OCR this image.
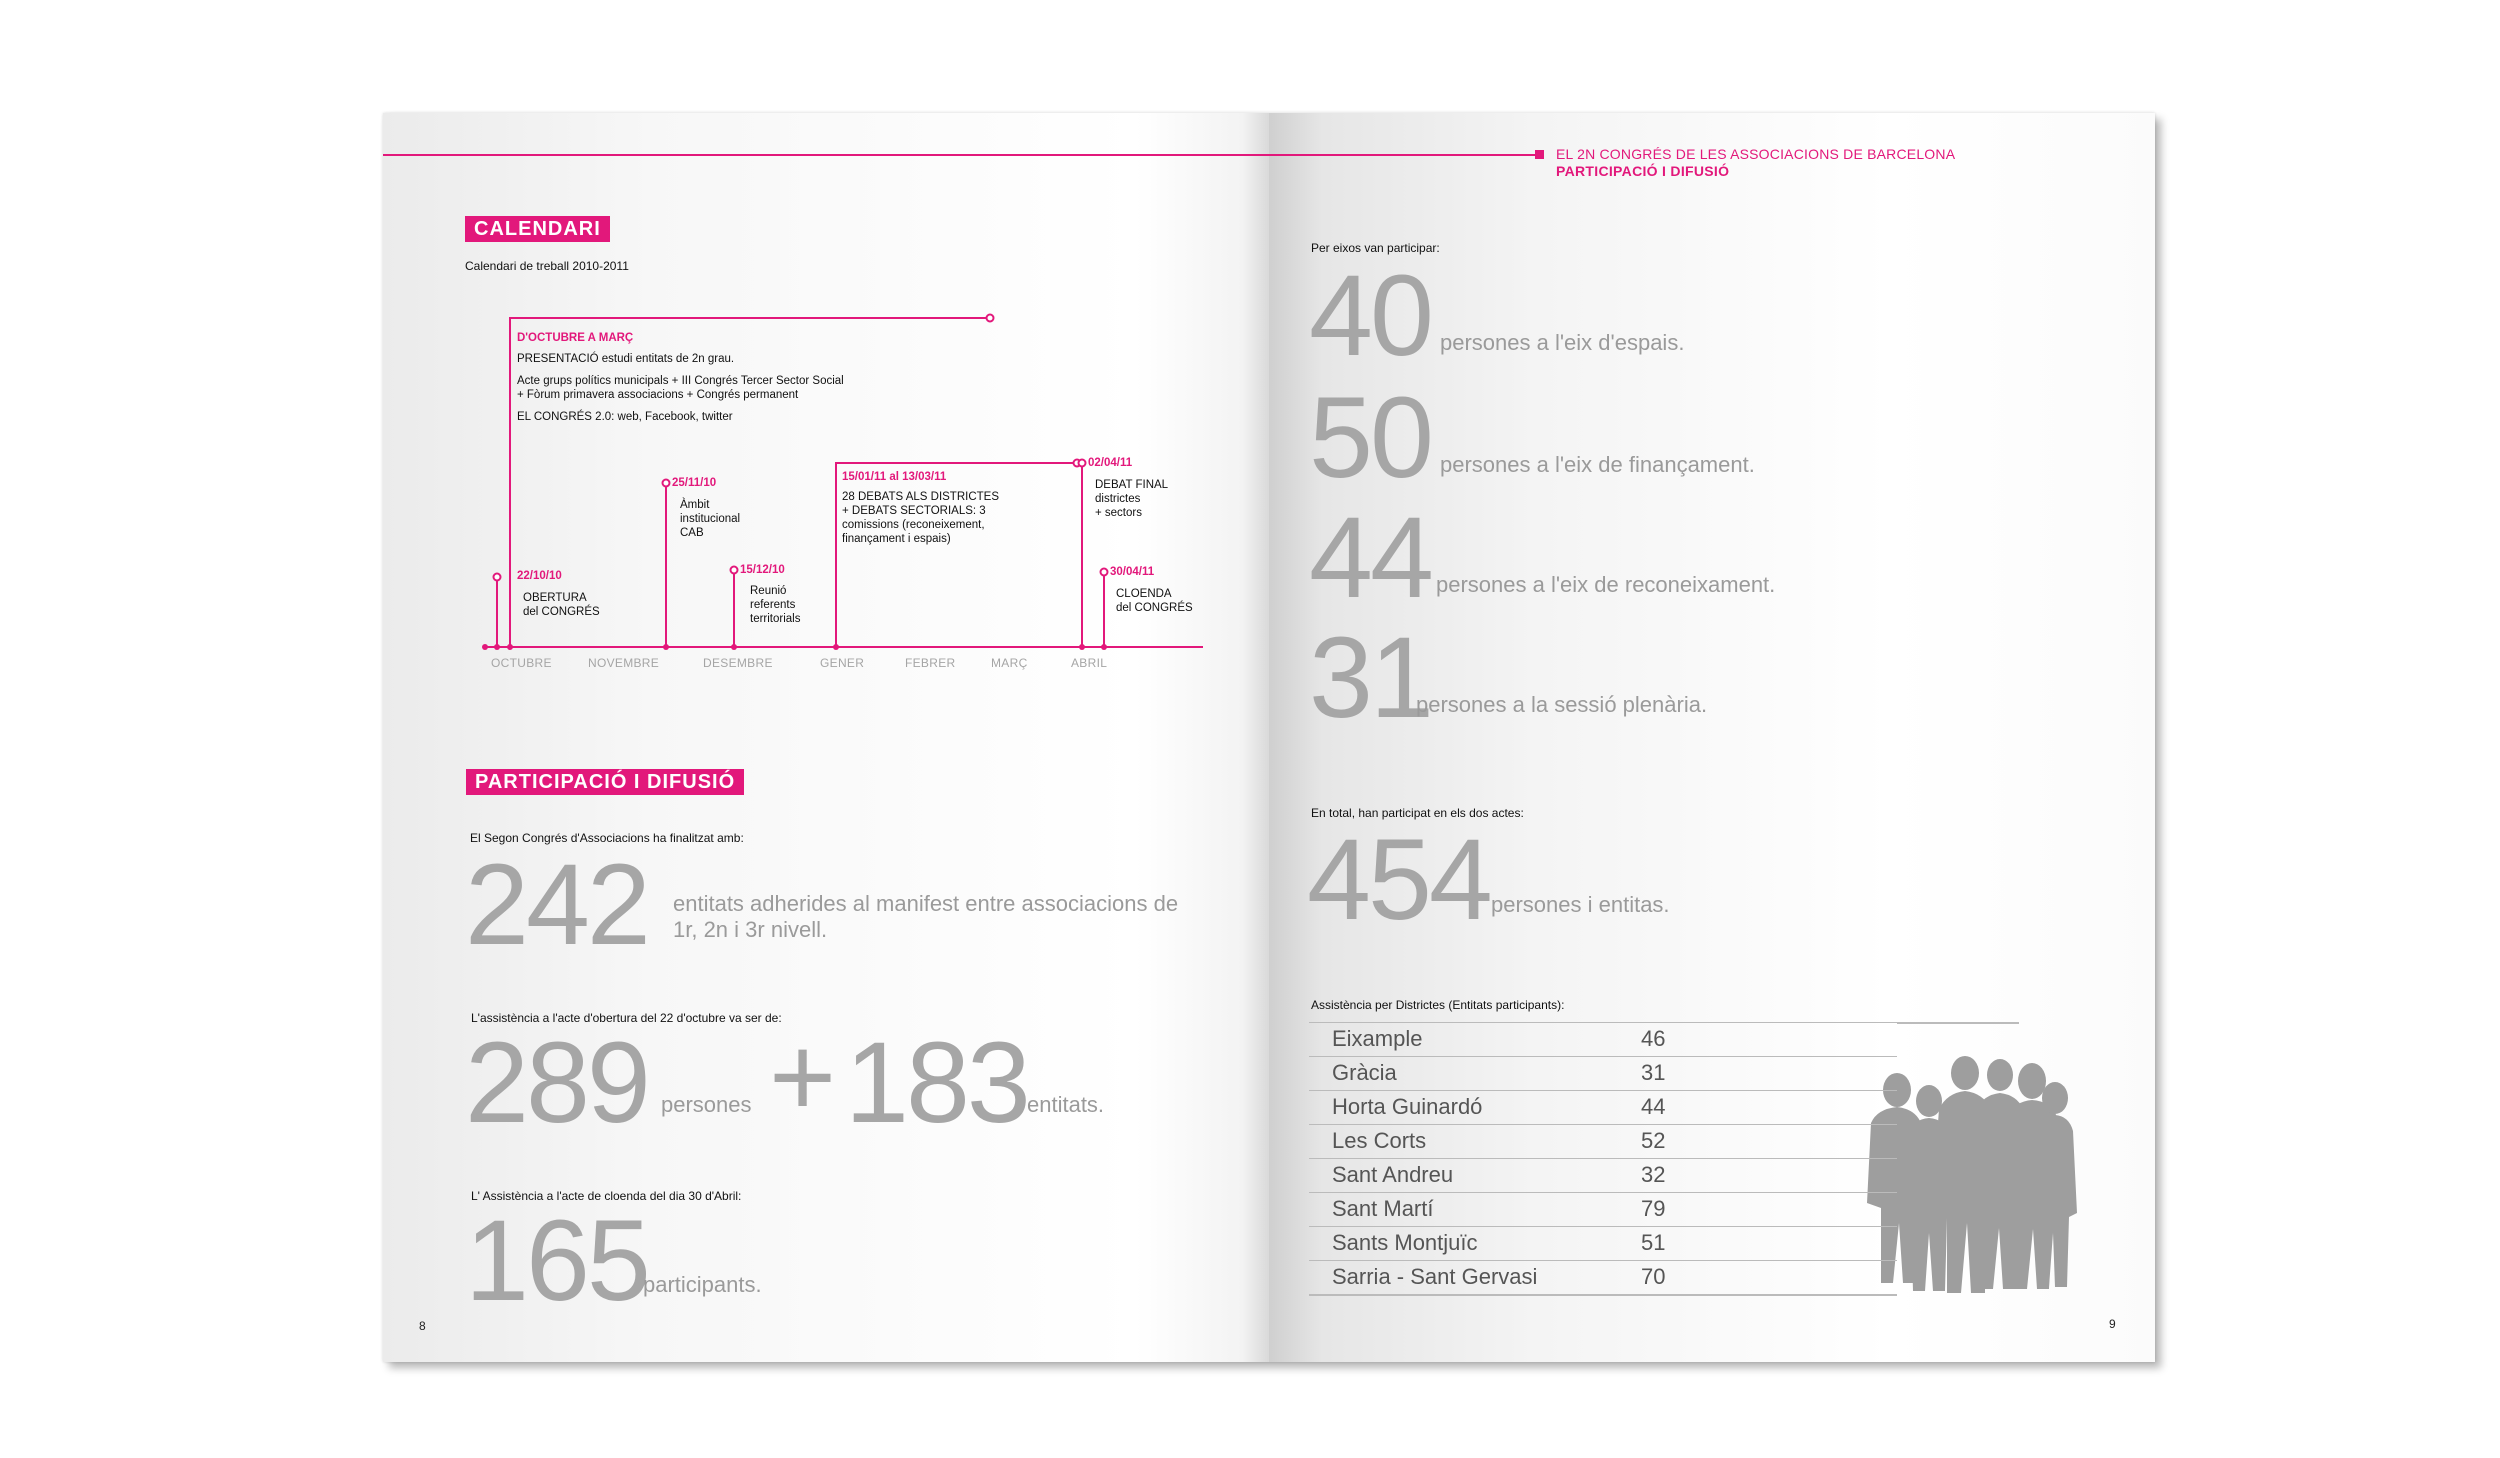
CALENDARI
Calendari de treball 2010-2011
D'OCTUBRE A MARÇ
PRESENTACIÓ estudi entitats de 2n grau.
Acte grups polítics municipals + III Congrés Tercer Sector Social
+ Fòrum primavera associacions + Congrés permanent
EL CONGRÉS 2.0: web, Facebook, twitter
22/10/10
OBERTURA
del CONGRÉS
25/11/10
Àmbit
institucional
CAB
15/12/10
Reunió
referents
territorials
15/01/11 al 13/03/11
28 DEBATS ALS DISTRICTES
+ DEBATS SECTORIALS: 3
comissions (reconeixement,
finançament i espais)
02/04/11
DEBAT FINAL
districtes
+ sectors
30/04/11
CLOENDA
del CONGRÉS
OCTUBRE	NOVEMBRE	DESEMBRE	GENER	FEBRER	MARÇ	ABRIL
PARTICIPACIÓ I DIFUSIÓ
El Segon Congrés d'Associacions ha finalitzat amb:
242 entitats adherides al manifest entre associacions de
1r, 2n i 3r nivell.
L'assistència a l'acte d'obertura del 22 d'octubre va ser de:
289 persones + 183 entitats.
L' Assistència a l'acte de cloenda del dia 30 d'Abril:
165
participants.
8
EL 2N CONGRÉS DE LES ASSOCIACIONS DE BARCELONA
PARTICIPACIÓ I DIFUSIÓ
Per eixos van participar:
40 persones a l'eix d'espais.
50 persones a l'eix de finançament.
44 persones a l'eix de reconeixament.
31
persones a la sessió plenària.
En total, han participat en els dos actes:
454 persones i entitas.
Assistència per Districtes (Entitats participants):
Eixample	46
Gràcia	31
Horta Guinardó	44
Les Corts	52
Sant Andreu	32
Sant Martí	79
Sants Montjuïc	51
Sarria - Sant Gervasi	70
9
